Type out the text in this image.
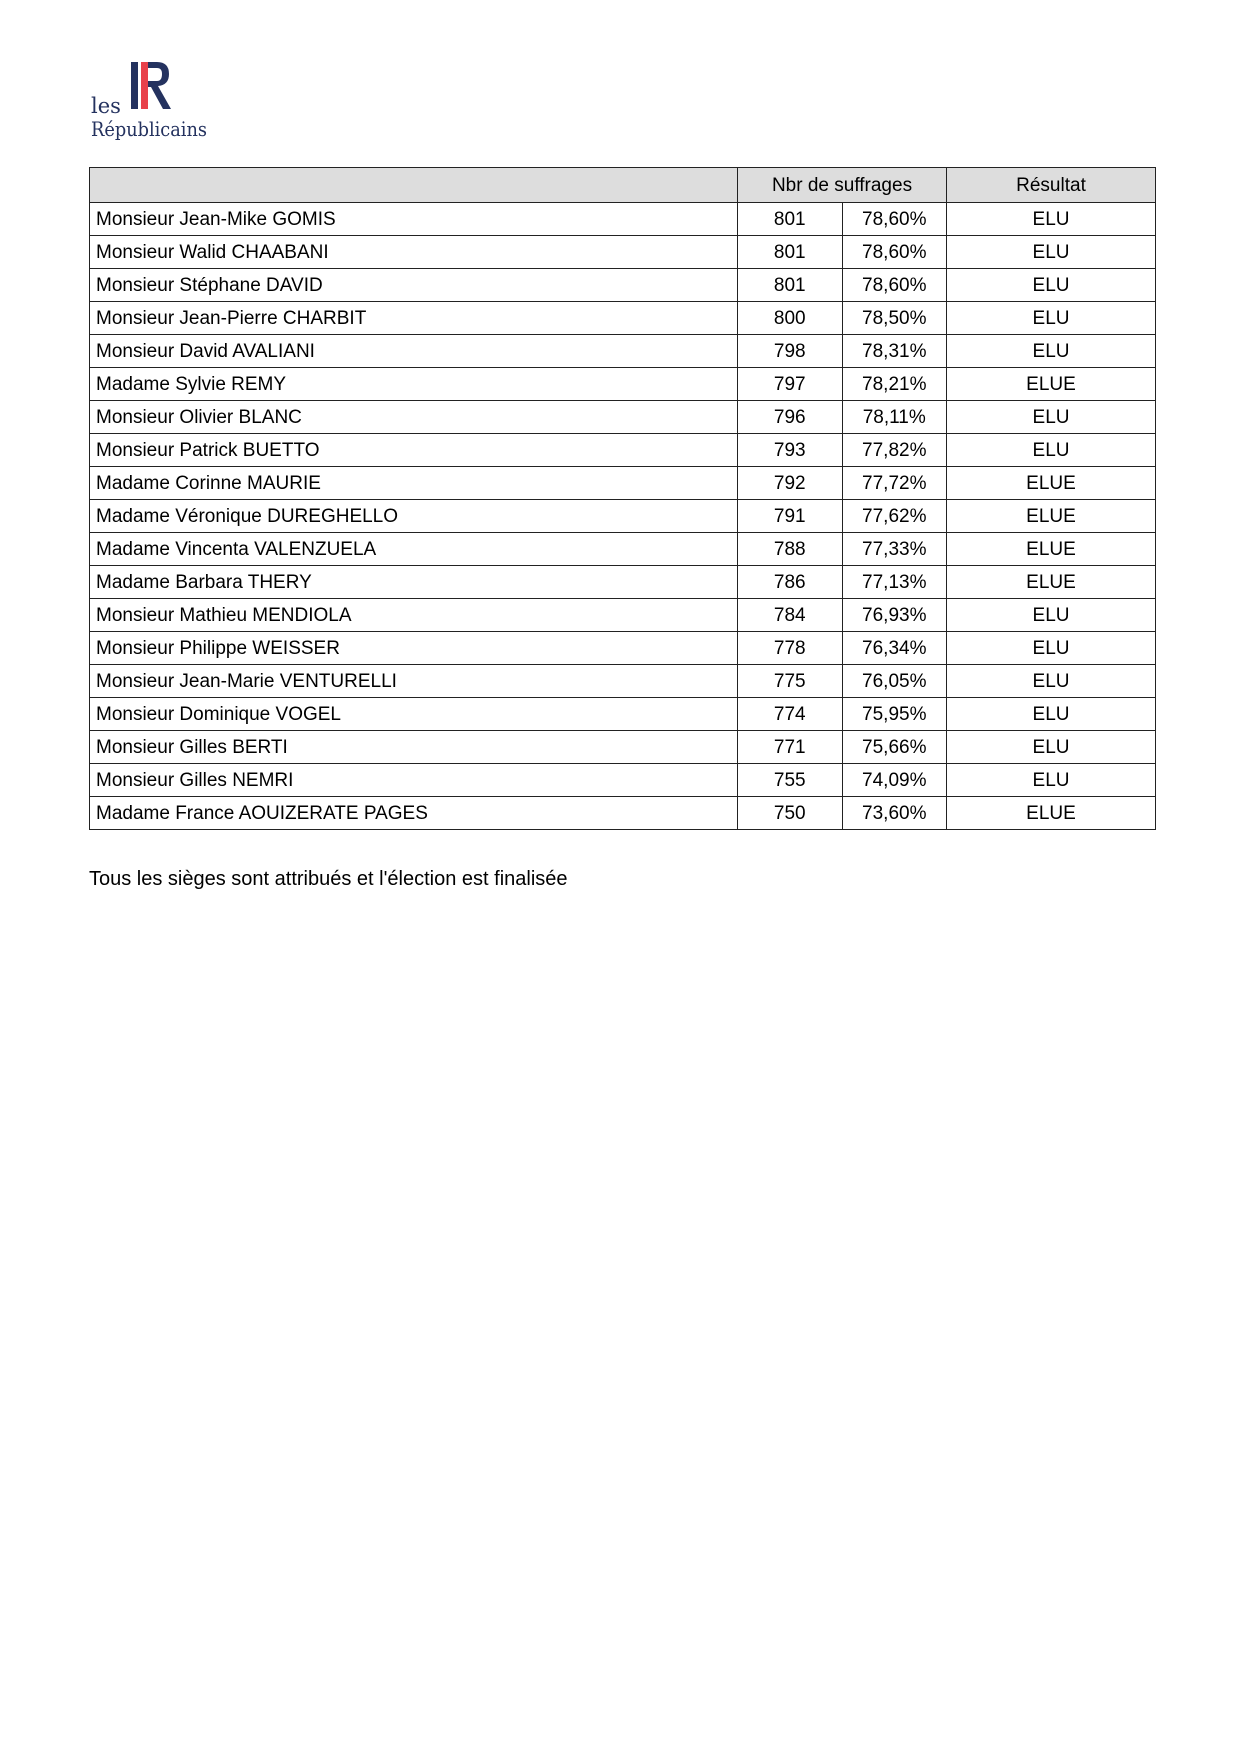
les
Républicains
	Nbr de suffrages		Résultat
Monsieur Jean-Mike GOMIS	801	78,60%	ELU
Monsieur Walid CHAABANI	801	78,60%	ELU
Monsieur Stéphane DAVID	801	78,60%	ELU
Monsieur Jean-Pierre CHARBIT	800	78,50%	ELU
Monsieur David AVALIANI	798	78,31%	ELU
Madame Sylvie REMY	797	78,21%	ELUE
Monsieur Olivier BLANC	796	78,11%	ELU
Monsieur Patrick BUETTO	793	77,82%	ELU
Madame Corinne MAURIE	792	77,72%	ELUE
Madame Véronique DUREGHELLO	791	77,62%	ELUE
Madame Vincenta VALENZUELA	788	77,33%	ELUE
Madame Barbara THERY	786	77,13%	ELUE
Monsieur Mathieu MENDIOLA	784	76,93%	ELU
Monsieur Philippe WEISSER	778	76,34%	ELU
Monsieur Jean-Marie VENTURELLI	775	76,05%	ELU
Monsieur Dominique VOGEL	774	75,95%	ELU
Monsieur Gilles BERTI	771	75,66%	ELU
Monsieur Gilles NEMRI	755	74,09%	ELU
Madame France AOUIZERATE PAGES	750	73,60%	ELUE

Tous les sièges sont attribués et l'élection est finalisée
